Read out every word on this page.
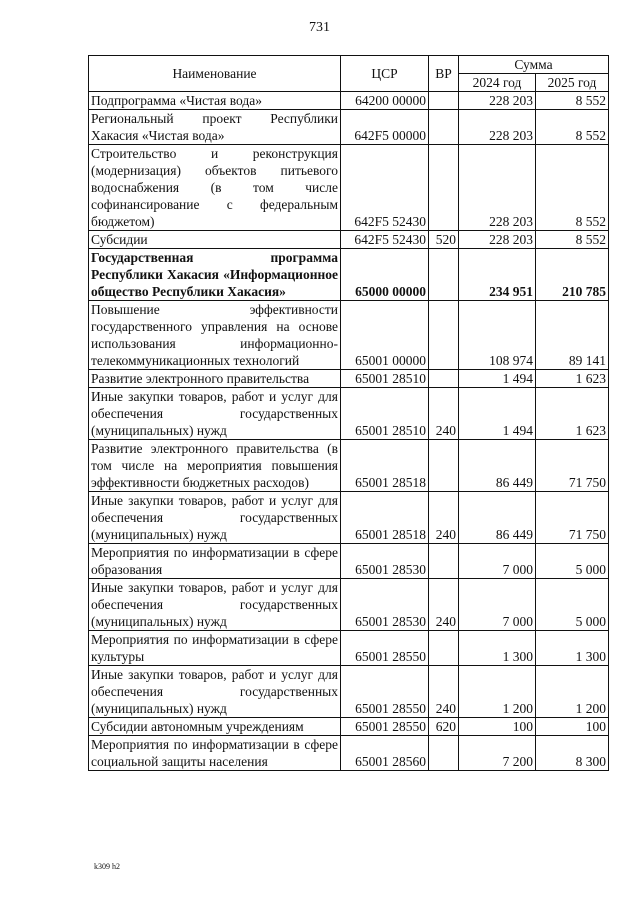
731
Наименование	ЦСР	ВР	Сумма	
			2024 год	2025 год
Подпрограмма «Чистая вода»	64200 00000		228 203	8 552
Региональный проект Республики Хакасия «Чистая вода»	642F5 00000		228 203	8 552
Строительство и реконструкция (модернизация) объектов питьевого водоснабжения (в том числе софинансирование с федеральным бюджетом)	642F5 52430		228 203	8 552
Субсидии	642F5 52430	520	228 203	8 552
Государственная программа Республики Хакасия «Информационное общество Республики Хакасия»	65000 00000		234 951	210 785
Повышение эффективности государственного управления на основе использования информационно-телекоммуникационных технологий	65001 00000		108 974	89 141
Развитие электронного правительства	65001 28510		1 494	1 623
Иные закупки товаров, работ и услуг для обеспечения государственных (муниципальных) нужд	65001 28510	240	1 494	1 623
Развитие электронного правительства (в том числе на мероприятия повышения эффективности бюджетных расходов)	65001 28518		86 449	71 750
Иные закупки товаров, работ и услуг для обеспечения государственных (муниципальных) нужд	65001 28518	240	86 449	71 750
Мероприятия по информатизации в сфере образования	65001 28530		7 000	5 000
Иные закупки товаров, работ и услуг для обеспечения государственных (муниципальных) нужд	65001 28530	240	7 000	5 000
Мероприятия по информатизации в сфере культуры	65001 28550		1 300	1 300
Иные закупки товаров, работ и услуг для обеспечения государственных (муниципальных) нужд	65001 28550	240	1 200	1 200
Субсидии автономным учреждениям	65001 28550	620	100	100
Мероприятия по информатизации в сфере социальной защиты населения	65001 28560		7 200	8 300
k309 h2
